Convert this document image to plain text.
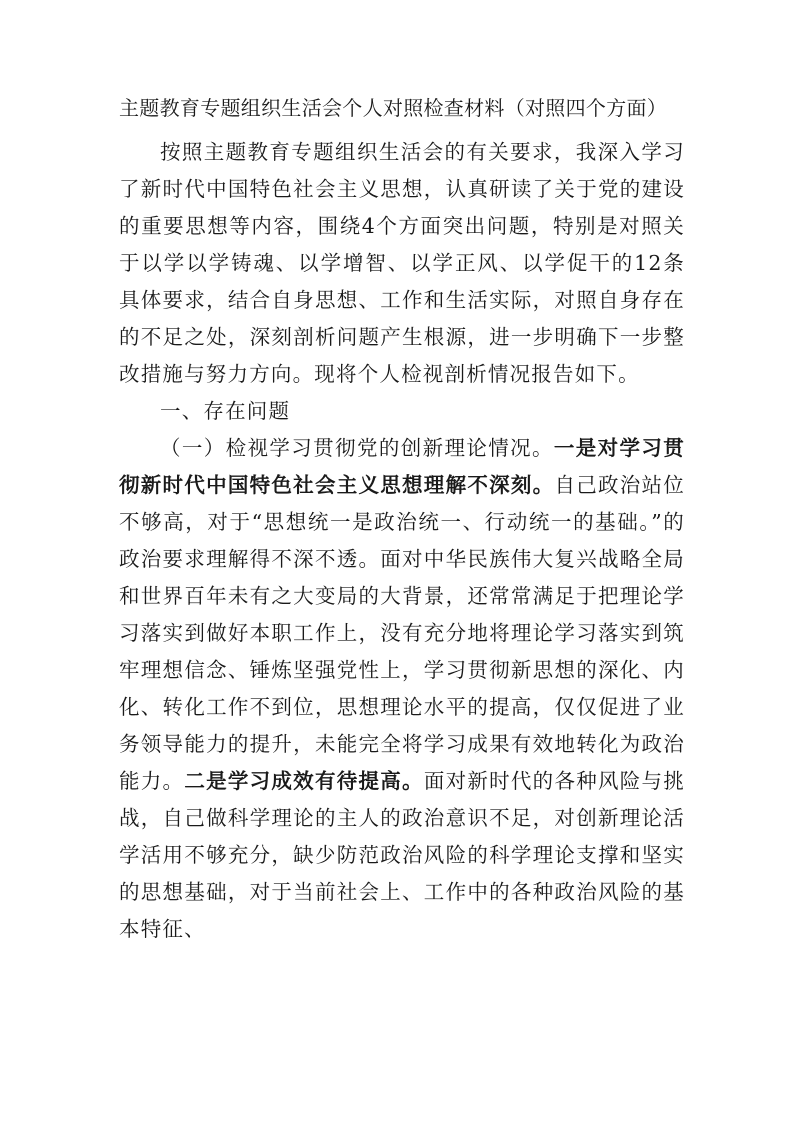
主题教育专题组织生活会个人对照检查材料（对照四个方面）

按照主题教育专题组织生活会的有关要求，我深入学习了新时代中国特色社会主义思想，认真研读了关于党的建设的重要思想等内容，围绕4个方面突出问题，特别是对照关于以学以学铸魂、以学增智、以学正风、以学促干的12条具体要求，结合自身思想、工作和生活实际，对照自身存在的不足之处，深刻剖析问题产生根源，进一步明确下一步整改措施与努力方向。现将个人检视剖析情况报告如下。

一、存在问题

（一）检视学习贯彻党的创新理论情况。一是对学习贯彻新时代中国特色社会主义思想理解不深刻。自己政治站位不够高，对于“思想统一是政治统一、行动统一的基础。”的政治要求理解得不深不透。面对中华民族伟大复兴战略全局和世界百年未有之大变局的大背景，还常常满足于把理论学习落实到做好本职工作上，没有充分地将理论学习落实到筑牢理想信念、锤炼坚强党性上，学习贯彻新思想的深化、内化、转化工作不到位，思想理论水平的提高，仅仅促进了业务领导能力的提升，未能完全将学习成果有效地转化为政治能力。二是学习成效有待提高。面对新时代的各种风险与挑战，自己做科学理论的主人的政治意识不足，对创新理论活学活用不够充分，缺少防范政治风险的科学理论支撑和坚实的思想基础，对于当前社会上、工作中的各种政治风险的基本特征、
